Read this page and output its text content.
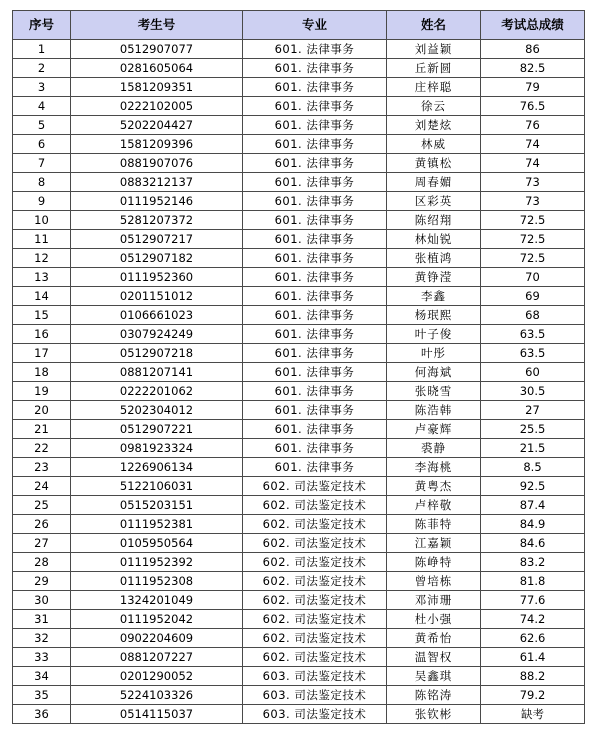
序号	考生号	专业	姓名	考试总成绩
1	0512907077	601. 法律事务	刘益颖	86
2	0281605064	601. 法律事务	丘新圆	82.5
3	1581209351	601. 法律事务	庄梓聪	79
4	0222102005	601. 法律事务	徐云	76.5
5	5202204427	601. 法律事务	刘楚炫	76
6	1581209396	601. 法律事务	林威	74
7	0881907076	601. 法律事务	黄镇松	74
8	0883212137	601. 法律事务	周春媚	73
9	0111952146	601. 法律事务	区彩英	73
10	5281207372	601. 法律事务	陈绍翔	72.5
11	0512907217	601. 法律事务	林灿锐	72.5
12	0512907182	601. 法律事务	张植鸿	72.5
13	0111952360	601. 法律事务	黄铮滢	70
14	0201151012	601. 法律事务	李鑫	69
15	0106661023	601. 法律事务	杨珉熙	68
16	0307924249	601. 法律事务	叶子俊	63.5
17	0512907218	601. 法律事务	叶彤	63.5
18	0881207141	601. 法律事务	何海斌	60
19	0222201062	601. 法律事务	张晓雪	30.5
20	5202304012	601. 法律事务	陈浩韩	27
21	0512907221	601. 法律事务	卢豪辉	25.5
22	0981923324	601. 法律事务	裘静	21.5
23	1226906134	601. 法律事务	李海桃	8.5
24	5122106031	602. 司法鉴定技术	黄粤杰	92.5
25	0515203151	602. 司法鉴定技术	卢梓敬	87.4
26	0111952381	602. 司法鉴定技术	陈菲特	84.9
27	0105950564	602. 司法鉴定技术	江嘉颖	84.6
28	0111952392	602. 司法鉴定技术	陈峥特	83.2
29	0111952308	602. 司法鉴定技术	曾培栋	81.8
30	1324201049	602. 司法鉴定技术	邓沛珊	77.6
31	0111952042	602. 司法鉴定技术	杜小强	74.2
32	0902204609	602. 司法鉴定技术	黄希怡	62.6
33	0881207227	602. 司法鉴定技术	温智权	61.4
34	0201290052	603. 司法鉴定技术	吴鑫琪	88.2
35	5224103326	603. 司法鉴定技术	陈铭涛	79.2
36	0514115037	603. 司法鉴定技术	张钦彬	缺考
